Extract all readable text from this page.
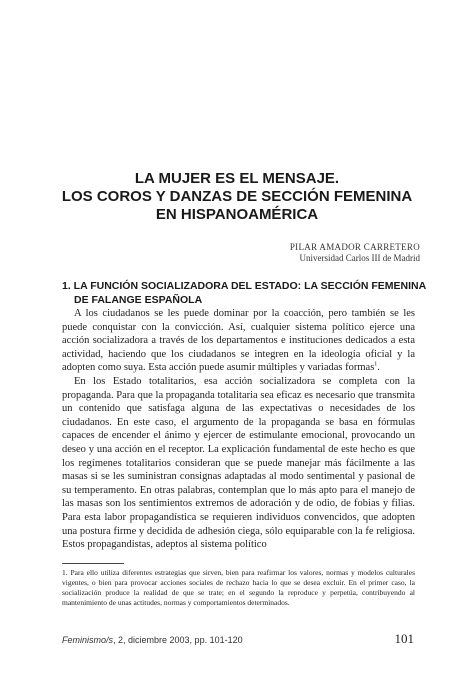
LA MUJER ES EL MENSAJE.
LOS COROS Y DANZAS DE SECCIÓN FEMENINA
EN HISPANOAMÉRICA
PILAR AMADOR CARRETERO
Universidad Carlos III de Madrid
1. LA FUNCIÓN SOCIALIZADORA DEL ESTADO: LA SECCIÓN FEMENINA
DE FALANGE ESPAÑOLA

A los ciudadanos se les puede dominar por la coacción, pero también se les puede conquistar con la convicción. Así, cualquier sistema político ejerce una acción socializadora a través de los departamentos e instituciones dedicados a esta actividad, haciendo que los ciudadanos se integren en la ideología oficial y la adopten como suya. Esta acción puede asumir múltiples y variadas formas$^1$.

En los Estado totalitarios, esa acción socializadora se completa con la propaganda. Para que la propaganda totalitaria sea eficaz es necesario que transmita un contenido que satisfaga alguna de las expectativas o necesidades de los ciudadanos. En este caso, el argumento de la propaganda se basa en fórmulas capaces de encender el ánimo y ejercer de estimulante emocional, provocando un deseo y una acción en el receptor. La explicación fundamental de este hecho es que los regímenes totalitarios consideran que se puede manejar más fácilmente a las masas si se les suministran consignas adaptadas al modo sentimental y pasional de su temperamento. En otras palabras, contemplan que lo más apto para el manejo de las masas son los sentimientos extremos de adoración y de odio, de fobias y filias. Para esta labor propagandística se requieren individuos convencidos, que adopten una postura firme y decidida de adhesión ciega, sólo equiparable con la fe religiosa. Estos propagandistas, adeptos al sistema político

1. Para ello utiliza diferentes estrategias que sirven, bien para reafirmar los valores, normas y modelos culturales vigentes, o bien para provocar acciones sociales de rechazo hacia lo que se desea excluir. En el primer caso, la socialización produce la realidad de que se trate; en el segundo la reproduce y perpetúa, contribuyendo al mantenimiento de unas actitudes, normas y comportamientos determinados.
Feminismo/s, 2, diciembre 2003, pp. 101-120	101
